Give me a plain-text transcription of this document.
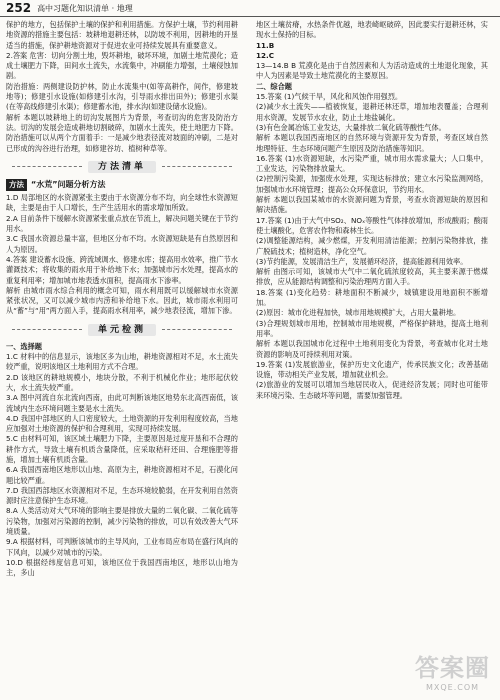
252 高中习题化知识清单 · 地理

保护的地方，包括保护土壤的保护和利用措施。方保护土壤，节约利用耕地资源的措施主要包括：坡耕地退耕还林，以防坡不利用，因耕地的开垦适当的措施，保护耕地资源对于促进农业可持续发展具有重要意义。

2.答案 危害：切向分割土地，毁坏耕地，破坏环境，加剧土地荒漠化；造成土壤肥力下降，田间水土流失，水流集中，冲刷能力增强，土壤侵蚀加剧。

防治措施：两侧建设防护林，防止水流集中(如等高耕作，间作，修建坡地等)；修建引水设施(如修建引水沟，引导雨水排出田外)；修建引水渠(在等高线修建引水渠)；修建蓄水池，排水沟(如建设储水设施)。

解析 本题以坡耕地上的切沟发展图片为背景，考查切沟的危害及防治方法。切沟的发展会造成耕地切割破碎，加剧水土流失，使土地肥力下降。防治措施可以从两个方面着手：一是减少地表径流对坡面的冲刷，二是对已形成的沟谷进行治理，如修建谷坊、植树种草等。

方法清单
方法 “水荒”问题分析方法

1.D 局部地区的水资源紧张主要由于水资源分布不均，向全球性水资源短缺，主要是由于人口增长，生产生活用水的需求增加所致。

2.A 目前条件下缓解水资源紧张重点放在节流上，解决问题关键在于节约用水。

3.C 我国水资源总量丰富，但地区分布不均。水资源短缺是有自然原因和人为原因。

4.答案 建设蓄水设施、跨流域调水、修建水库；提高用水效率，推广节水灌溉技术；将收集的雨水用于补给地下水；加强城市污水处理，提高水的重复利用率；增加城市地表透水面积，提高雨水下渗率。

解析 由城市雨水综合利用的概念可知，雨水利用既可以缓解城市水资源紧张状况，又可以减少城市内涝和补给地下水。因此，城市雨水利用可从“蓄”与“用”两方面入手，提高雨水利用率，减少地表径流，增加下渗。

单元检测

一、选择题

1.C 材料中的信息显示，该地区多为山地，耕地资源相对不足，水土流失较严重，说明该地区土地利用方式不合理。

2.D 该地区的耕地规模小，地块分散，不利于机械化作业；地形起伏较大，水土流失较严重。

3.A 图中河流自东北流向西南，由此可判断该地区地势东北高西南低，该流域内生态环境问题主要是水土流失。

4.D 我国中部地区的人口密度较大，土地资源的开发利用程度较高，当地应加强对土地资源的保护和合理利用，实现可持续发展。

5.C 由材料可知，该区域土壤肥力下降，主要原因是过度开垦和不合理的耕作方式，导致土壤有机质含量降低，应采取秸秆还田、合理施肥等措施，增加土壤有机质含量。

6.A 我国西南地区地形以山地、高原为主，耕地资源相对不足，石漠化问题比较严重。

7.D 我国西部地区水资源相对不足，生态环境较脆弱，在开发利用自然资源时应注意保护生态环境。

8.A 人类活动对大气环境的影响主要是排放大量的二氧化碳、二氧化硫等污染物，加强对污染源的控制，减少污染物的排放，可以有效改善大气环境质量。

9.A 根据材料，可判断该城市的主导风向，工业布局应布局在盛行风向的下风向，以减少对城市的污染。

10.D 根据经纬度信息可知，该地区位于我国西南地区，地形以山地为主，多山

地区土壤贫瘠，水热条件优越，地表崎岖破碎，因此要实行退耕还林，实现水土保持的目标。

11.B

12.C

13—14.B B 荒漠化是由于自然因素和人为活动造成的土地退化现象，其中人为因素是导致土地荒漠化的主要原因。

二、综合题

15.答案 (1)气候干旱，风化和风蚀作用强烈。

(2)减少水土流失——植被恢复，退耕还林还草，增加地表覆盖；合理利用水资源，发展节水农业，防止土地盐碱化。

(3)有色金属冶炼工业发达，大量排放二氧化硫等酸性气体。

解析 本题以我国西南地区的自然环境与资源开发为背景，考查区域自然地理特征、生态环境问题产生原因及防治措施等知识。

16.答案 (1)水资源短缺，水污染严重，城市用水需求量大；人口集中，工业发达，污染物排放量大。

(2)控制污染源，加强废水处理，实现达标排放；建立水污染监测网络，加强城市水环境管理；提高公众环保意识，节约用水。

解析 本题以我国某城市的水资源问题为背景，考查水资源短缺的原因和解决措施。

17.答案 (1)由于大气中SO₂、NOₓ等酸性气体排放增加，形成酸雨；酸雨使土壤酸化，危害农作物和森林生长。

(2)调整能源结构，减少燃煤，开发利用清洁能源；控制污染物排放，推广脱硫技术；植树造林，净化空气。

(3)节约能源，发展清洁生产，发展循环经济，提高能源利用效率。

解析 由图示可知，该城市大气中二氧化硫浓度较高，其主要来源于燃煤排放，应从能源结构调整和污染治理两方面入手。

18.答案 (1)变化趋势：耕地面积不断减少，城镇建设用地面积不断增加。

(2)原因：城市化进程加快，城市用地规模扩大，占用大量耕地。

(3)合理规划城市用地，控制城市用地规模，严格保护耕地，提高土地利用率。

解析 本题以我国城市化过程中土地利用变化为背景，考查城市化对土地资源的影响及可持续利用对策。

19.答案 (1)发展旅游业，保护历史文化遗产，传承民族文化；改善基础设施，带动相关产业发展，增加就业机会。

(2)旅游业的发展可以增加当地居民收入，促进经济发展；同时也可能带来环境污染、生态破坏等问题，需要加强管理。

答案圈
MXQE.COM
